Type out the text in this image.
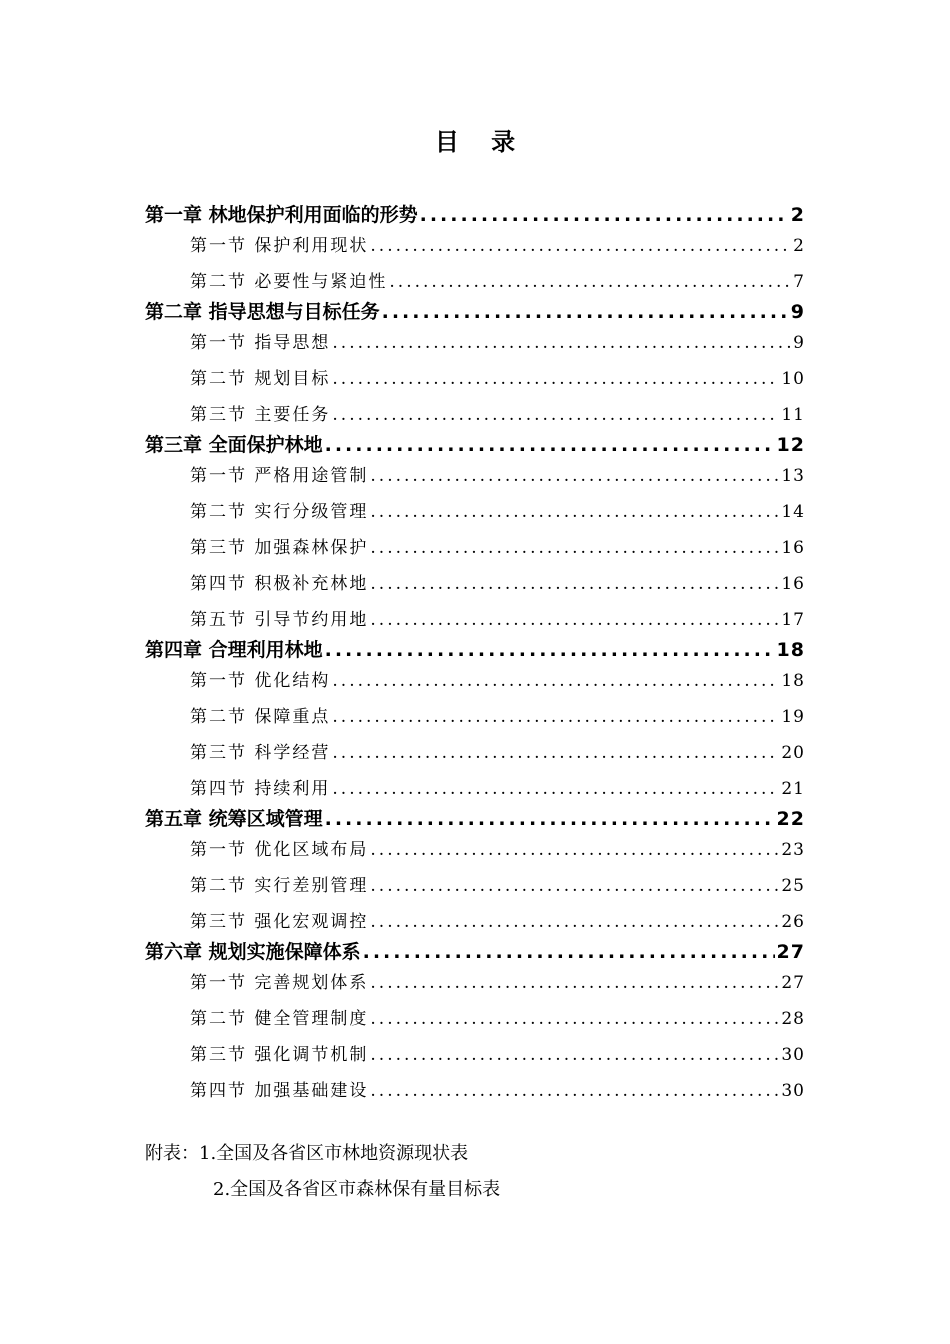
目 录
第一章 林地保护利用面临的形势 .....	2
第一节 保护利用现状 .....	2
第二节 必要性与紧迫性 .....	7
第二章 指导思想与目标任务 .....	9
第一节 指导思想 .....	9
第二节 规划目标 .....	10
第三节 主要任务 .....	11
第三章 全面保护林地 .....	12
第一节 严格用途管制 .....	13
第二节 实行分级管理 .....	14
第三节 加强森林保护 .....	16
第四节 积极补充林地 .....	16
第五节 引导节约用地 .....	17
第四章 合理利用林地 .....	18
第一节 优化结构 .....	18
第二节 保障重点 .....	19
第三节 科学经营 .....	20
第四节 持续利用 .....	21
第五章 统筹区域管理 .....	22
第一节 优化区域布局 .....	23
第二节 实行差别管理 .....	25
第三节 强化宏观调控 .....	26
第六章 规划实施保障体系 .....	27
第一节 完善规划体系 .....	27
第二节 健全管理制度 .....	28
第三节 强化调节机制 .....	30
第四节 加强基础建设 .....	30
附表：1.全国及各省区市林地资源现状表
2.全国及各省区市森林保有量目标表
